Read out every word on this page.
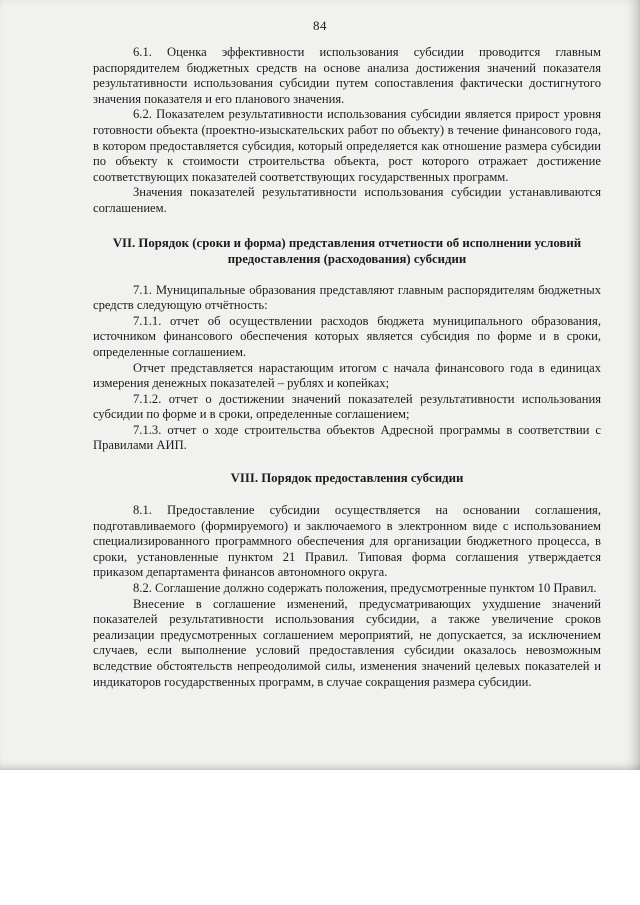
84

6.1. Оценка эффективности использования субсидии проводится главным распорядителем бюджетных средств на основе анализа достижения значений показателя результативности использования субсидии путем сопоставления фактически достигнутого значения показателя и его планового значения.

6.2. Показателем результативности использования субсидии является прирост уровня готовности объекта (проектно-изыскательских работ по объекту) в течение финансового года, в котором предоставляется субсидия, который определяется как отношение размера субсидии по объекту к стоимости строительства объекта, рост которого отражает достижение соответствующих показателей соответствующих государственных программ.

Значения показателей результативности использования субсидии устанавливаются соглашением.

VII. Порядок (сроки и форма) представления отчетности об исполнении условий предоставления (расходования) субсидии

7.1. Муниципальные образования представляют главным распорядителям бюджетных средств следующую отчётность:

7.1.1. отчет об осуществлении расходов бюджета муниципального образования, источником финансового обеспечения которых является субсидия по форме и в сроки, определенные соглашением.

Отчет представляется нарастающим итогом с начала финансового года в единицах измерения денежных показателей – рублях и копейках;

7.1.2. отчет о достижении значений показателей результативности использования субсидии по форме и в сроки, определенные соглашением;

7.1.3. отчет о ходе строительства объектов Адресной программы в соответствии с Правилами АИП.

VIII. Порядок предоставления субсидии

8.1. Предоставление субсидии осуществляется на основании соглашения, подготавливаемого (формируемого) и заключаемого в электронном виде с использованием специализированного программного обеспечения для организации бюджетного процесса, в сроки, установленные пунктом 21 Правил. Типовая форма соглашения утверждается приказом департамента финансов автономного округа.

8.2. Соглашение должно содержать положения, предусмотренные пунктом 10 Правил.

Внесение в соглашение изменений, предусматривающих ухудшение значений показателей результативности использования субсидии, а также увеличение сроков реализации предусмотренных соглашением мероприятий, не допускается, за исключением случаев, если выполнение условий предоставления субсидии оказалось невозможным вследствие обстоятельств непреодолимой силы, изменения значений целевых показателей и индикаторов государственных программ, в случае сокращения размера субсидии.
